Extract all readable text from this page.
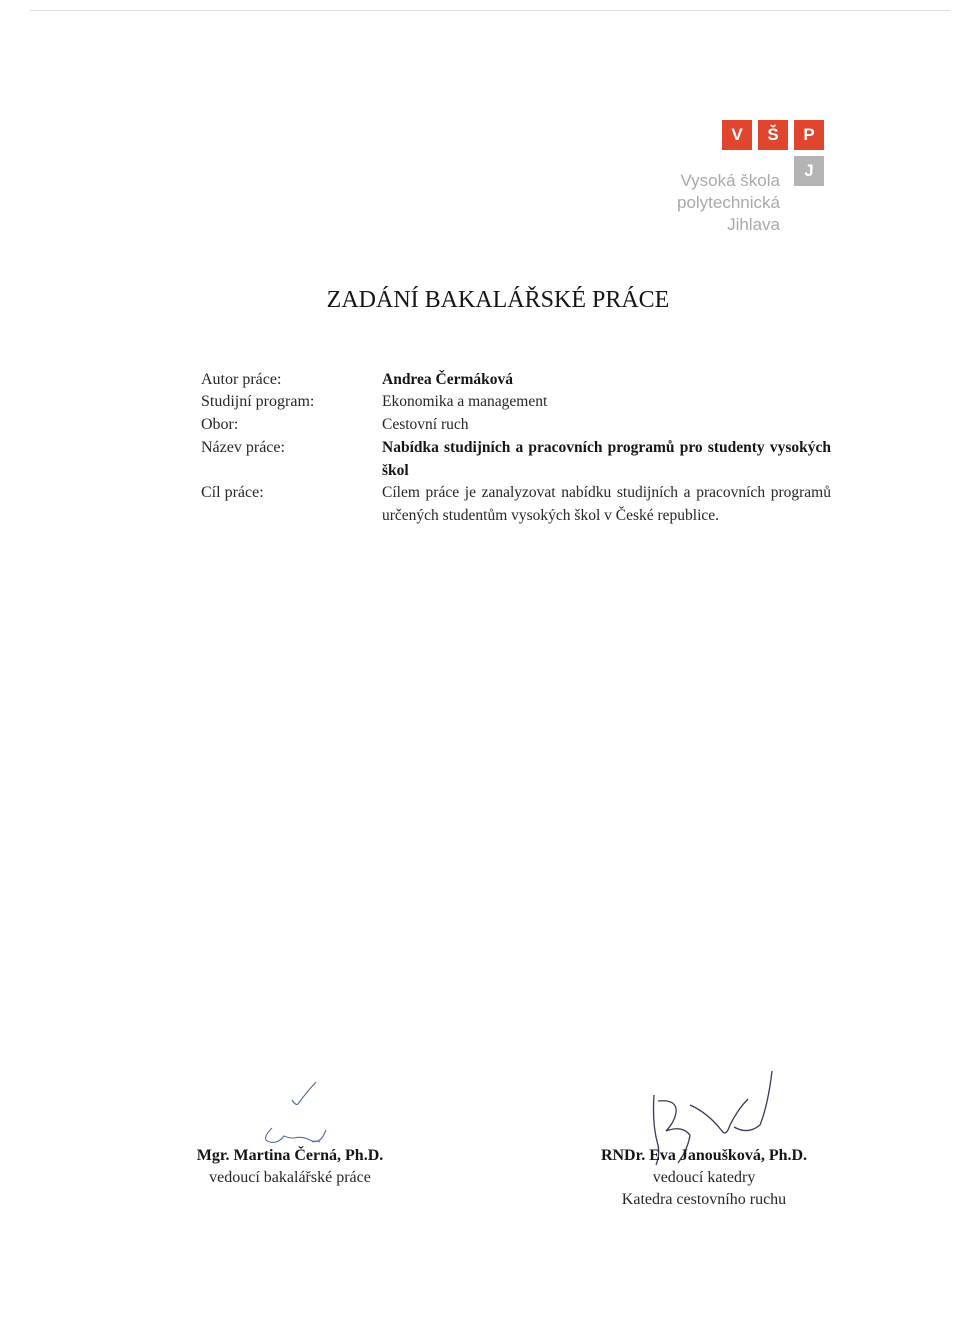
V	Š	P
J
Vysoká škola
polytechnická
Jihlava
ZADÁNÍ BAKALÁŘSKÉ PRÁCE
Autor práce:
Studijní program:
Obor:
Název práce:
Cíl práce:
Andrea Čermáková
Ekonomika a management
Cestovní ruch
Nabídka studijních a pracovních programů pro studenty vysokých škol
Cílem práce je zanalyzovat nabídku studijních a pracovních programů určených studentům vysokých škol v České republice.
Mgr. Martina Černá, Ph.D.
vedoucí bakalářské práce
RNDr. Eva Janoušková, Ph.D.
vedoucí katedry
Katedra cestovního ruchu
